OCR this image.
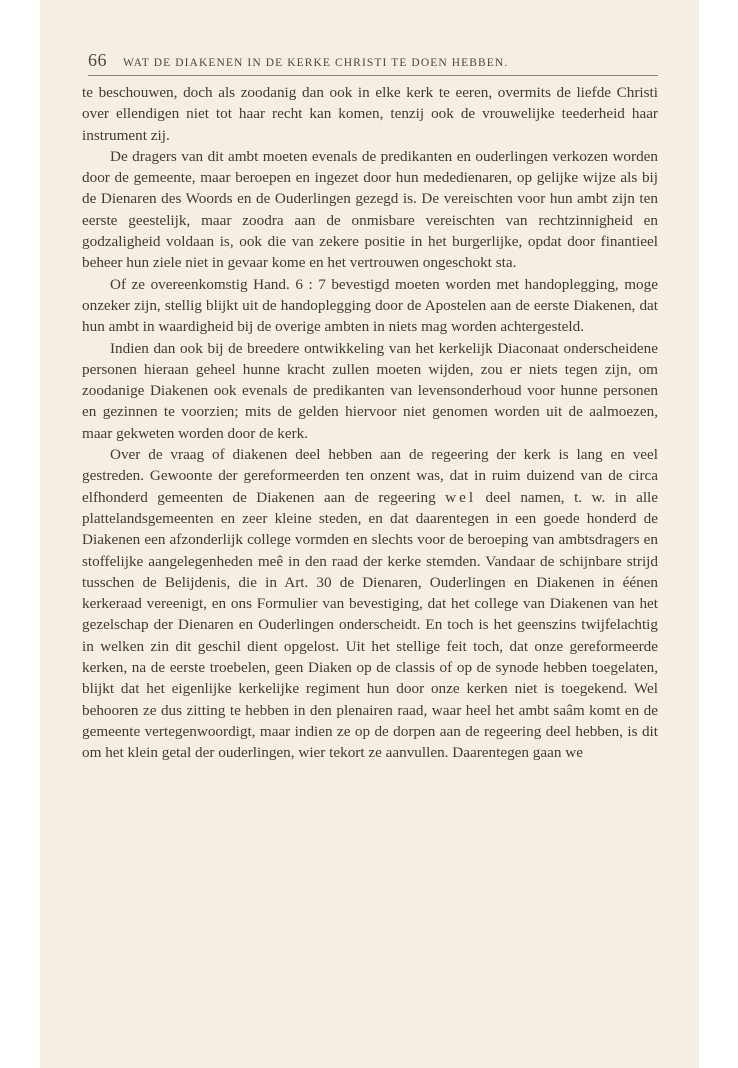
66 WAT DE DIAKENEN IN DE KERKE CHRISTI TE DOEN HEBBEN.

te beschouwen, doch als zoodanig dan ook in elke kerk te eeren, overmits de liefde Christi over ellendigen niet tot haar recht kan komen, tenzij ook de vrouwelijke teederheid haar instrument zij.

De dragers van dit ambt moeten evenals de predikanten en ouderlingen verkozen worden door de gemeente, maar beroepen en ingezet door hun mededienaren, op gelijke wijze als bij de Dienaren des Woords en de Ouderlingen gezegd is. De vereischten voor hun ambt zijn ten eerste geestelijk, maar zoodra aan de onmisbare vereischten van rechtzinnigheid en godzaligheid voldaan is, ook die van zekere positie in het burgerlijke, opdat door finantieel beheer hun ziele niet in gevaar kome en het vertrouwen ongeschokt sta.

Of ze overeenkomstig Hand. 6 : 7 bevestigd moeten worden met handoplegging, moge onzeker zijn, stellig blijkt uit de handoplegging door de Apostelen aan de eerste Diakenen, dat hun ambt in waardigheid bij de overige ambten in niets mag worden achtergesteld.

Indien dan ook bij de breedere ontwikkeling van het kerkelijk Diaconaat onderscheidene personen hieraan geheel hunne kracht zullen moeten wijden, zou er niets tegen zijn, om zoodanige Diakenen ook evenals de predikanten van levensonderhoud voor hunne personen en gezinnen te voorzien; mits de gelden hiervoor niet genomen worden uit de aalmoezen, maar gekweten worden door de kerk.

Over de vraag of diakenen deel hebben aan de regeering der kerk is lang en veel gestreden. Gewoonte der gereformeerden ten onzent was, dat in ruim duizend van de circa elfhonderd gemeenten de Diakenen aan de regeering wel deel namen, t. w. in alle plattelandsgemeenten en zeer kleine steden, en dat daarentegen in een goede honderd de Diakenen een afzonderlijk college vormden en slechts voor de beroeping van ambtsdragers en stoffelijke aangelegenheden meê in den raad der kerke stemden. Vandaar de schijnbare strijd tusschen de Belijdenis, die in Art. 30 de Dienaren, Ouderlingen en Diakenen in éénen kerkeraad vereenigt, en ons Formulier van bevestiging, dat het college van Diakenen van het gezelschap der Dienaren en Ouderlingen onderscheidt. En toch is het geenszins twijfelachtig in welken zin dit geschil dient opgelost. Uit het stellige feit toch, dat onze gereformeerde kerken, na de eerste troebelen, geen Diaken op de classis of op de synode hebben toegelaten, blijkt dat het eigenlijke kerkelijke regiment hun door onze kerken niet is toegekend. Wel behooren ze dus zitting te hebben in den plenairen raad, waar heel het ambt saâm komt en de gemeente vertegenwoordigt, maar indien ze op de dorpen aan de regeering deel hebben, is dit om het klein getal der ouderlingen, wier tekort ze aanvullen. Daarentegen gaan we
